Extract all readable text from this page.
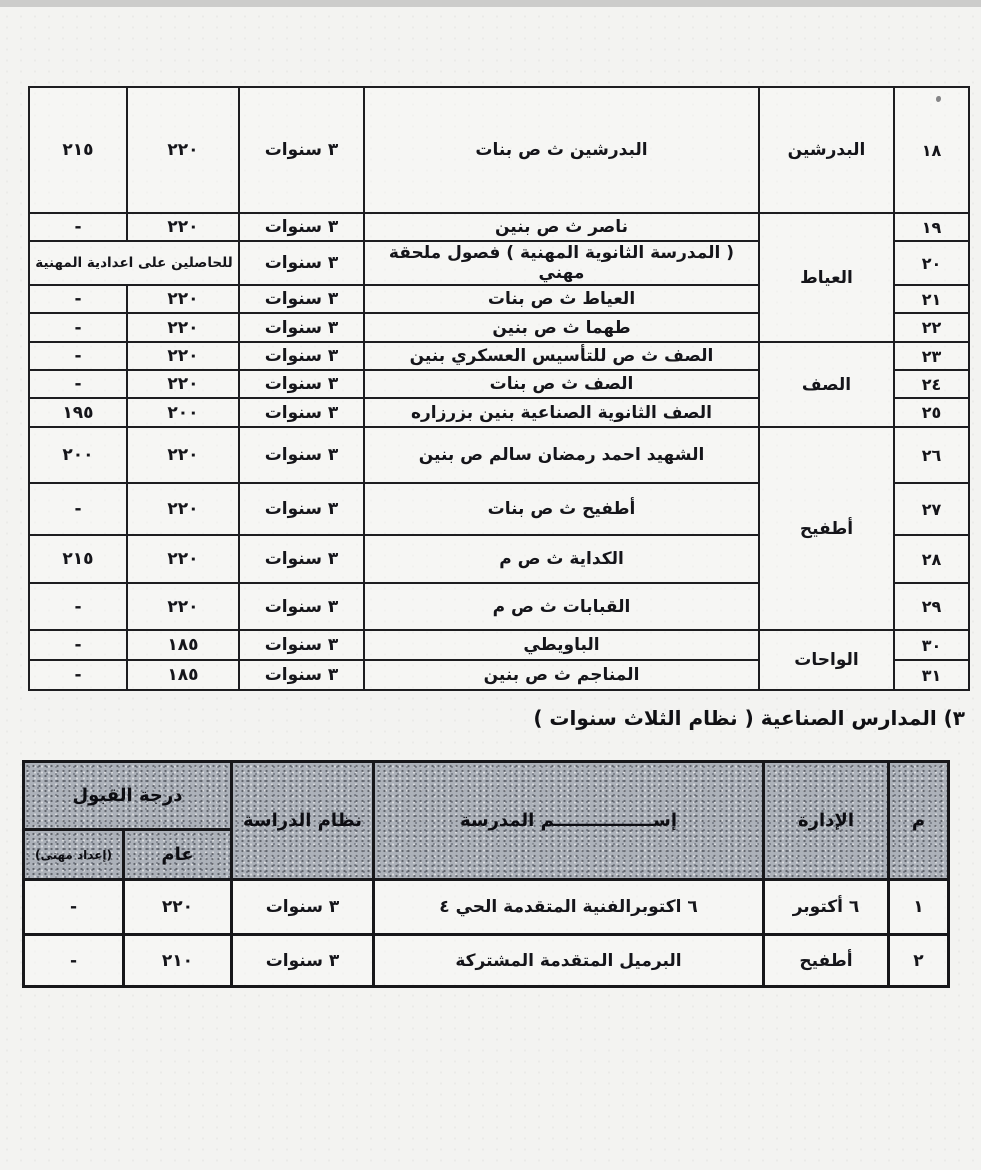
١٨	البدرشين	البدرشين ث ص بنات	٣ سنوات	٢٢٠	٢١٥
١٩	العياط	ناصر ث ص بنين	٣ سنوات	٢٢٠	-
٢٠		( المدرسة الثانوية المهنية ) فصول ملحقة مهني	٣ سنوات	للحاصلين على اعدادية المهنية	
٢١		العياط ث ص بنات	٣ سنوات	٢٢٠	-
٢٢		طهما ث ص بنين	٣ سنوات	٢٢٠	-
٢٣	الصف	الصف ث ص للتأسيس العسكري بنين	٣ سنوات	٢٢٠	-
٢٤		الصف ث ص بنات	٣ سنوات	٢٢٠	-
٢٥		الصف الثانوية الصناعية بنين بزرزاره	٣ سنوات	٢٠٠	١٩٥
٢٦	أطفيح	الشهيد احمد رمضان سالم ص بنين	٣ سنوات	٢٢٠	٢٠٠
٢٧		أطفيح ث ص بنات	٣ سنوات	٢٢٠	-
٢٨		الكداية ث ص م	٣ سنوات	٢٢٠	٢١٥
٢٩		القبابات ث ص م	٣ سنوات	٢٢٠	-
٣٠	الواحات	الباويطي	٣ سنوات	١٨٥	-
٣١		المناجم ث ص بنين	٣ سنوات	١٨٥	-
٣) المدارس الصناعية ( نظام الثلاث سنوات )
م	الإدارة	إســــــــــــــــم المدرسة	نظام الدراسة	درجة القبول	
				عام	(إعداد مهنى)
١	٦ أكتوبر	٦ اكتوبرالفنية المتقدمة الحي ٤	٣ سنوات	٢٢٠	-
٢	أطفيح	البرميل المتقدمة المشتركة	٣ سنوات	٢١٠	-
